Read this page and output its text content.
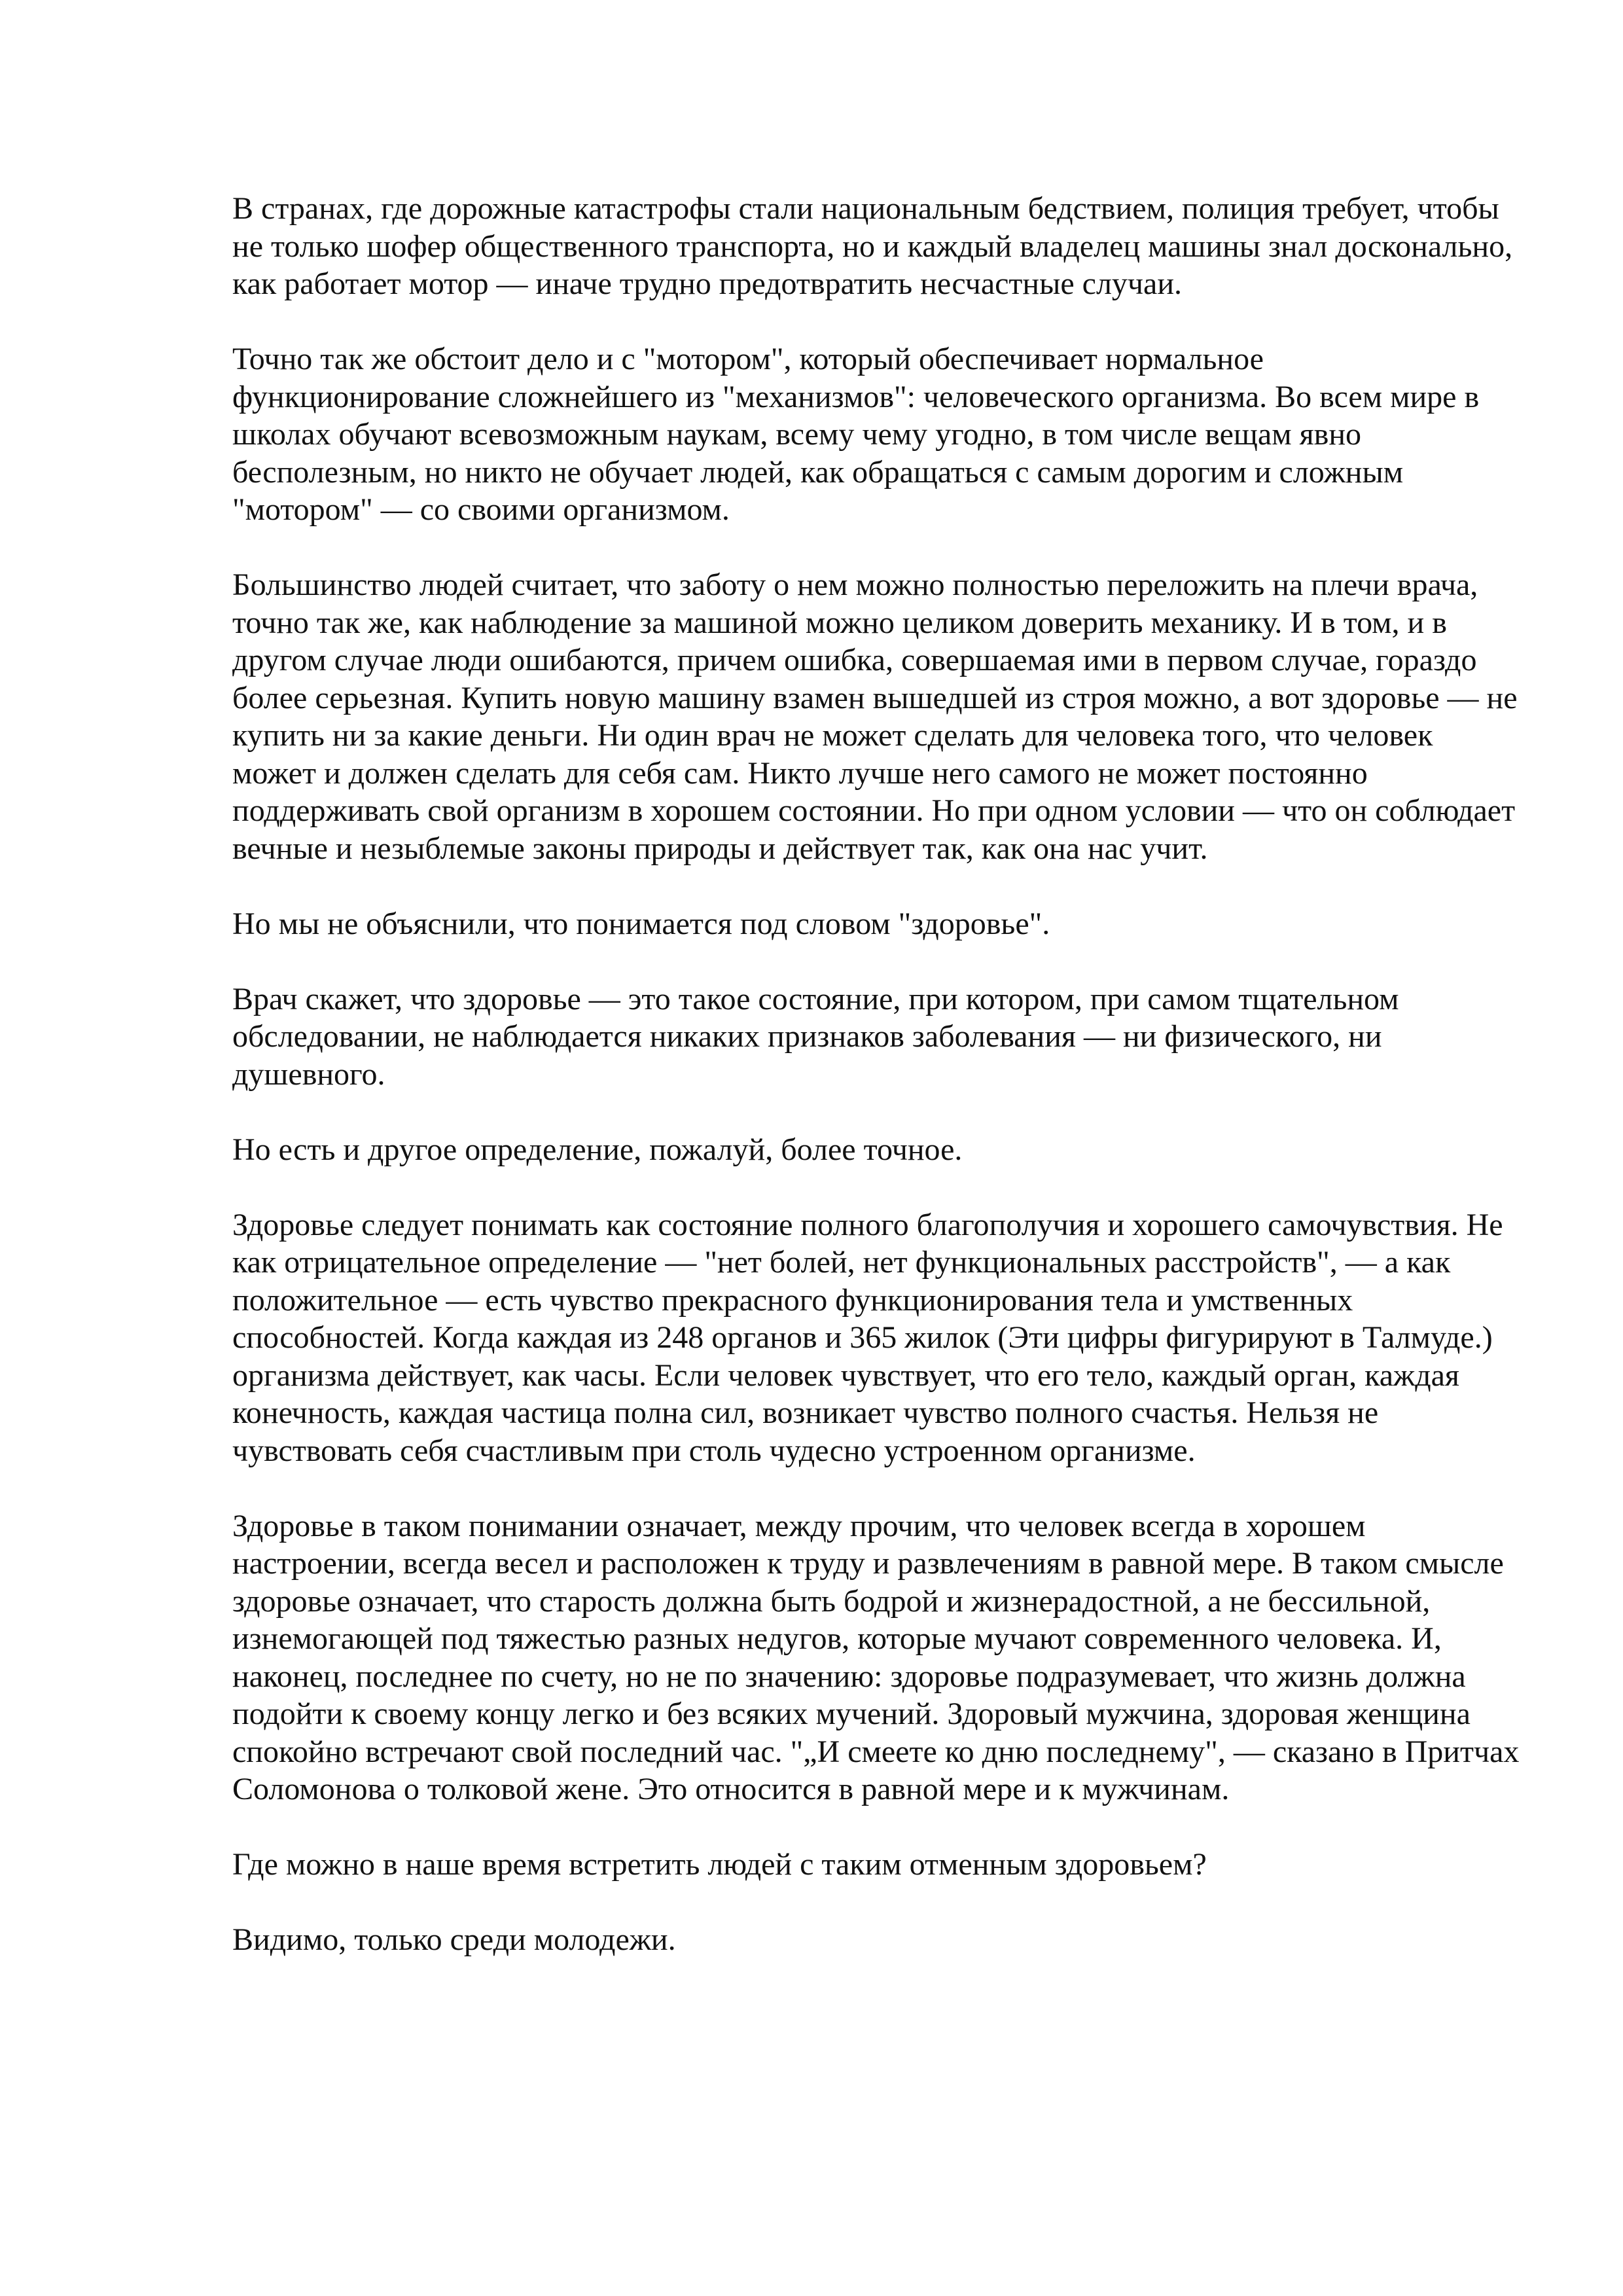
В странах, где дорожные катастрофы стали национальным бедствием, полиция требует, чтобы не только шофер общественного транспорта, но и каждый владелец машины знал досконально, как работает мотор — иначе трудно предотвратить несчастные случаи.

Точно так же обстоит дело и с "мотором", который обеспечивает нормальное функционирование сложнейшего из "механизмов": человеческого организма. Во всем мире в школах обучают всевозможным наукам, всему чему угодно, в том числе вещам явно бесполезным, но никто не обучает людей, как обращаться с самым дорогим и сложным "мотором" — со своими организмом.

Большинство людей считает, что заботу о нем можно полностью переложить на плечи врача, точно так же, как наблюдение за машиной можно целиком доверить механику. И в том, и в другом случае люди ошибаются, причем ошибка, совершаемая ими в первом случае, гораздо более серьезная. Купить новую машину взамен вышедшей из строя можно, а вот здоровье — не купить ни за какие деньги. Ни один врач не может сделать для человека того, что человек может и должен сделать для себя сам. Никто лучше него самого не может постоянно поддерживать свой организм в хорошем состоянии. Но при одном условии — что он соблюдает вечные и незыблемые законы природы и действует так, как она нас учит.

Но мы не объяснили, что понимается под словом "здоровье".

Врач скажет, что здоровье — это такое состояние, при котором, при самом тщательном обследовании, не наблюдается никаких признаков заболевания — ни физического, ни душевного.

Но есть и другое определение, пожалуй, более точное.

Здоровье следует понимать как состояние полного благополучия и хорошего самочувствия. Не как отрицательное определение — "нет болей, нет функциональных расстройств", — а как положительное — есть чувство прекрасного функционирования тела и умственных способностей. Когда каждая из 248 органов и 365 жилок (Эти цифры фигурируют в Талмуде.) организма действует, как часы. Если человек чувствует, что его тело, каждый орган, каждая конечность, каждая частица полна сил, возникает чувство полного счастья. Нельзя не чувствовать себя счастливым при столь чудесно устроенном организме.

Здоровье в таком понимании означает, между прочим, что человек всегда в хорошем настроении, всегда весел и расположен к труду и развлечениям в равной мере. В таком смысле здоровье означает, что старость должна быть бодрой и жизнерадостной, а не бессильной, изнемогающей под тяжестью разных недугов, которые мучают современного человека. И, наконец, последнее по счету, но не по значению: здоровье подразумевает, что жизнь должна подойти к своему концу легко и без всяких мучений. Здоровый мужчина, здоровая женщина спокойно встречают свой последний час. "„И смеете ко дню последнему", — сказано в Притчах Соломонова о толковой жене. Это относится в равной мере и к мужчинам.

Где можно в наше время встретить людей с таким отменным здоровьем?

Видимо, только среди молодежи.
